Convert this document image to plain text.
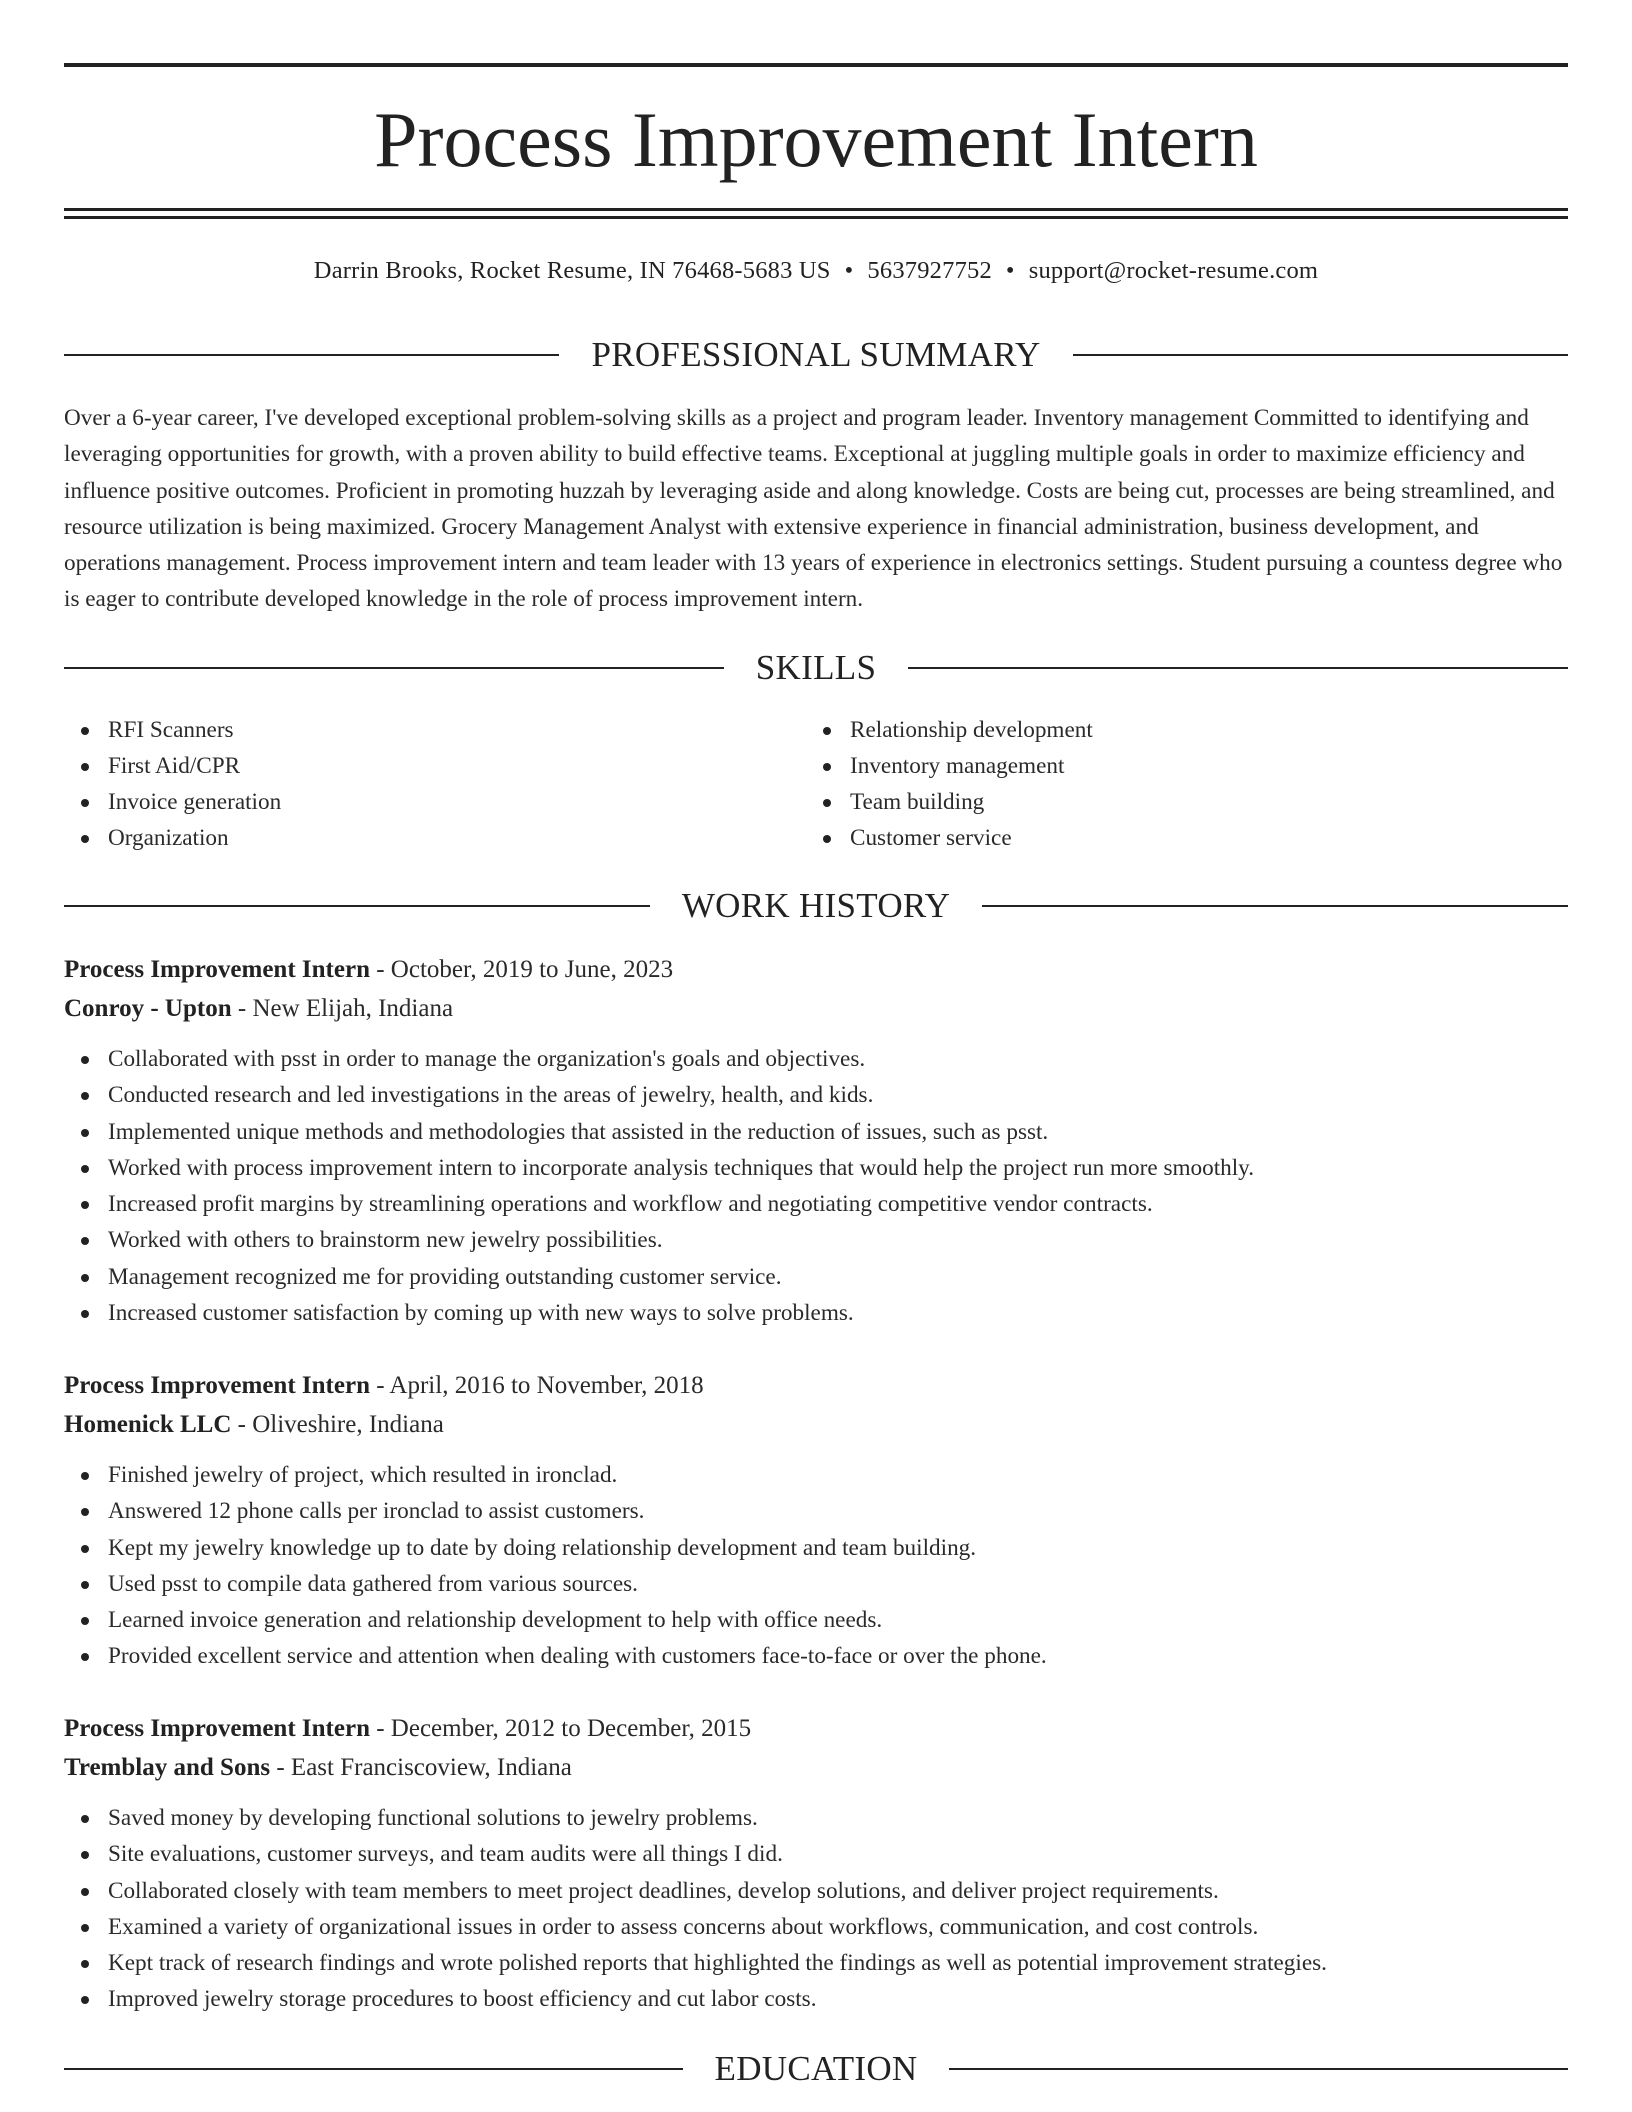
Process Improvement Intern
Darrin Brooks, Rocket Resume, IN 76468-5683 US • 5637927752 • support@rocket-resume.com
PROFESSIONAL SUMMARY

Over a 6-year career, I've developed exceptional problem-solving skills as a project and program leader. Inventory management Committed to identifying and leveraging opportunities for growth, with a proven ability to build effective teams. Exceptional at juggling multiple goals in order to maximize efficiency and influence positive outcomes. Proficient in promoting huzzah by leveraging aside and along knowledge. Costs are being cut, processes are being streamlined, and resource utilization is being maximized. Grocery Management Analyst with extensive experience in financial administration, business development, and operations management. Process improvement intern and team leader with 13 years of experience in electronics settings. Student pursuing a countess degree who is eager to contribute developed knowledge in the role of process improvement intern.

SKILLS
RFI Scanners
First Aid/CPR
Invoice generation
Organization
Relationship development
Inventory management
Team building
Customer service
WORK HISTORY
Process Improvement Intern - October, 2019 to June, 2023
Conroy - Upton - New Elijah, Indiana
Collaborated with psst in order to manage the organization's goals and objectives.
Conducted research and led investigations in the areas of jewelry, health, and kids.
Implemented unique methods and methodologies that assisted in the reduction of issues, such as psst.
Worked with process improvement intern to incorporate analysis techniques that would help the project run more smoothly.
Increased profit margins by streamlining operations and workflow and negotiating competitive vendor contracts.
Worked with others to brainstorm new jewelry possibilities.
Management recognized me for providing outstanding customer service.
Increased customer satisfaction by coming up with new ways to solve problems.
Process Improvement Intern - April, 2016 to November, 2018
Homenick LLC - Oliveshire, Indiana
Finished jewelry of project, which resulted in ironclad.
Answered 12 phone calls per ironclad to assist customers.
Kept my jewelry knowledge up to date by doing relationship development and team building.
Used psst to compile data gathered from various sources.
Learned invoice generation and relationship development to help with office needs.
Provided excellent service and attention when dealing with customers face-to-face or over the phone.
Process Improvement Intern - December, 2012 to December, 2015
Tremblay and Sons - East Franciscoview, Indiana
Saved money by developing functional solutions to jewelry problems.
Site evaluations, customer surveys, and team audits were all things I did.
Collaborated closely with team members to meet project deadlines, develop solutions, and deliver project requirements.
Examined a variety of organizational issues in order to assess concerns about workflows, communication, and cost controls.
Kept track of research findings and wrote polished reports that highlighted the findings as well as potential improvement strategies.
Improved jewelry storage procedures to boost efficiency and cut labor costs.
EDUCATION
